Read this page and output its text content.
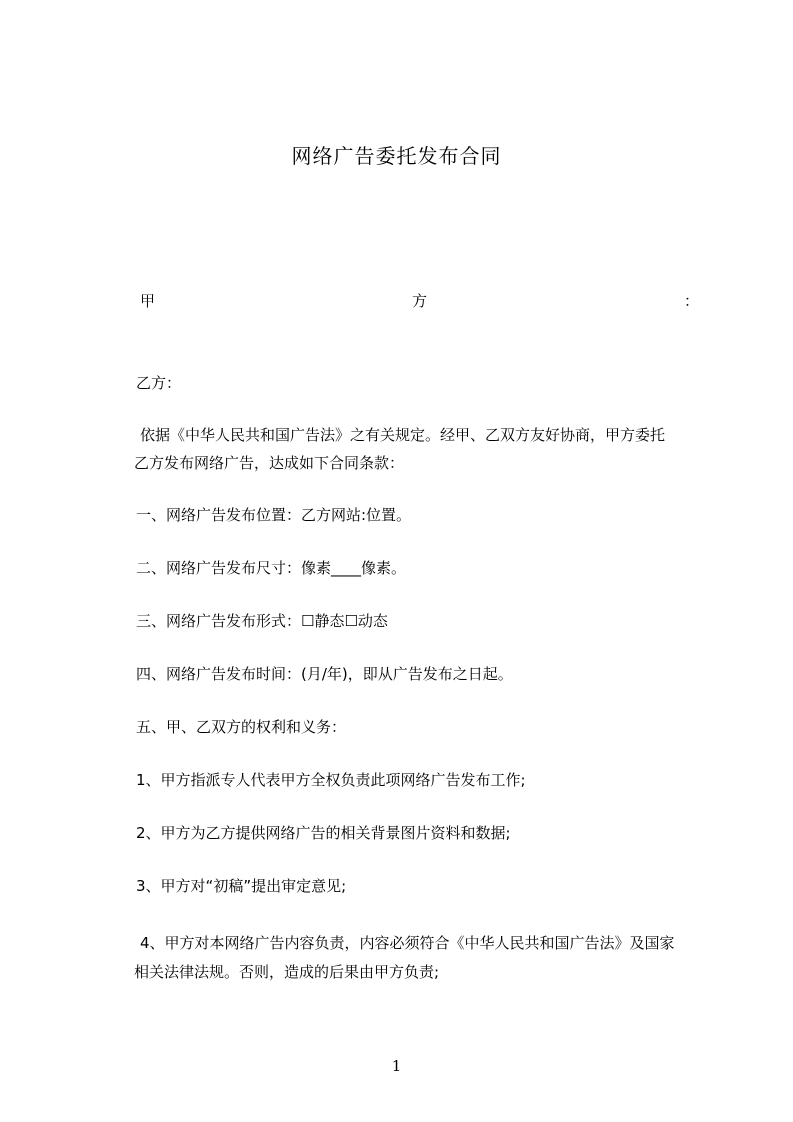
网络广告委托发布合同
甲	方	：
乙方：
依据《中华人民共和国广告法》之有关规定。经甲、乙双方友好协商，甲方委托
乙方发布网络广告，达成如下合同条款：
一、网络广告发布位置：乙方网站:位置。
二、网络广告发布尺寸：像素____像素。
三、网络广告发布形式：☐静态☐动态
四、网络广告发布时间：(月/年)，即从广告发布之日起。
五、甲、乙双方的权利和义务：
1、甲方指派专人代表甲方全权负责此项网络广告发布工作;
2、甲方为乙方提供网络广告的相关背景图片资料和数据;
3、甲方对“初稿”提出审定意见;
4、甲方对本网络广告内容负责，内容必须符合《中华人民共和国广告法》及国家
相关法律法规。否则，造成的后果由甲方负责;
1
